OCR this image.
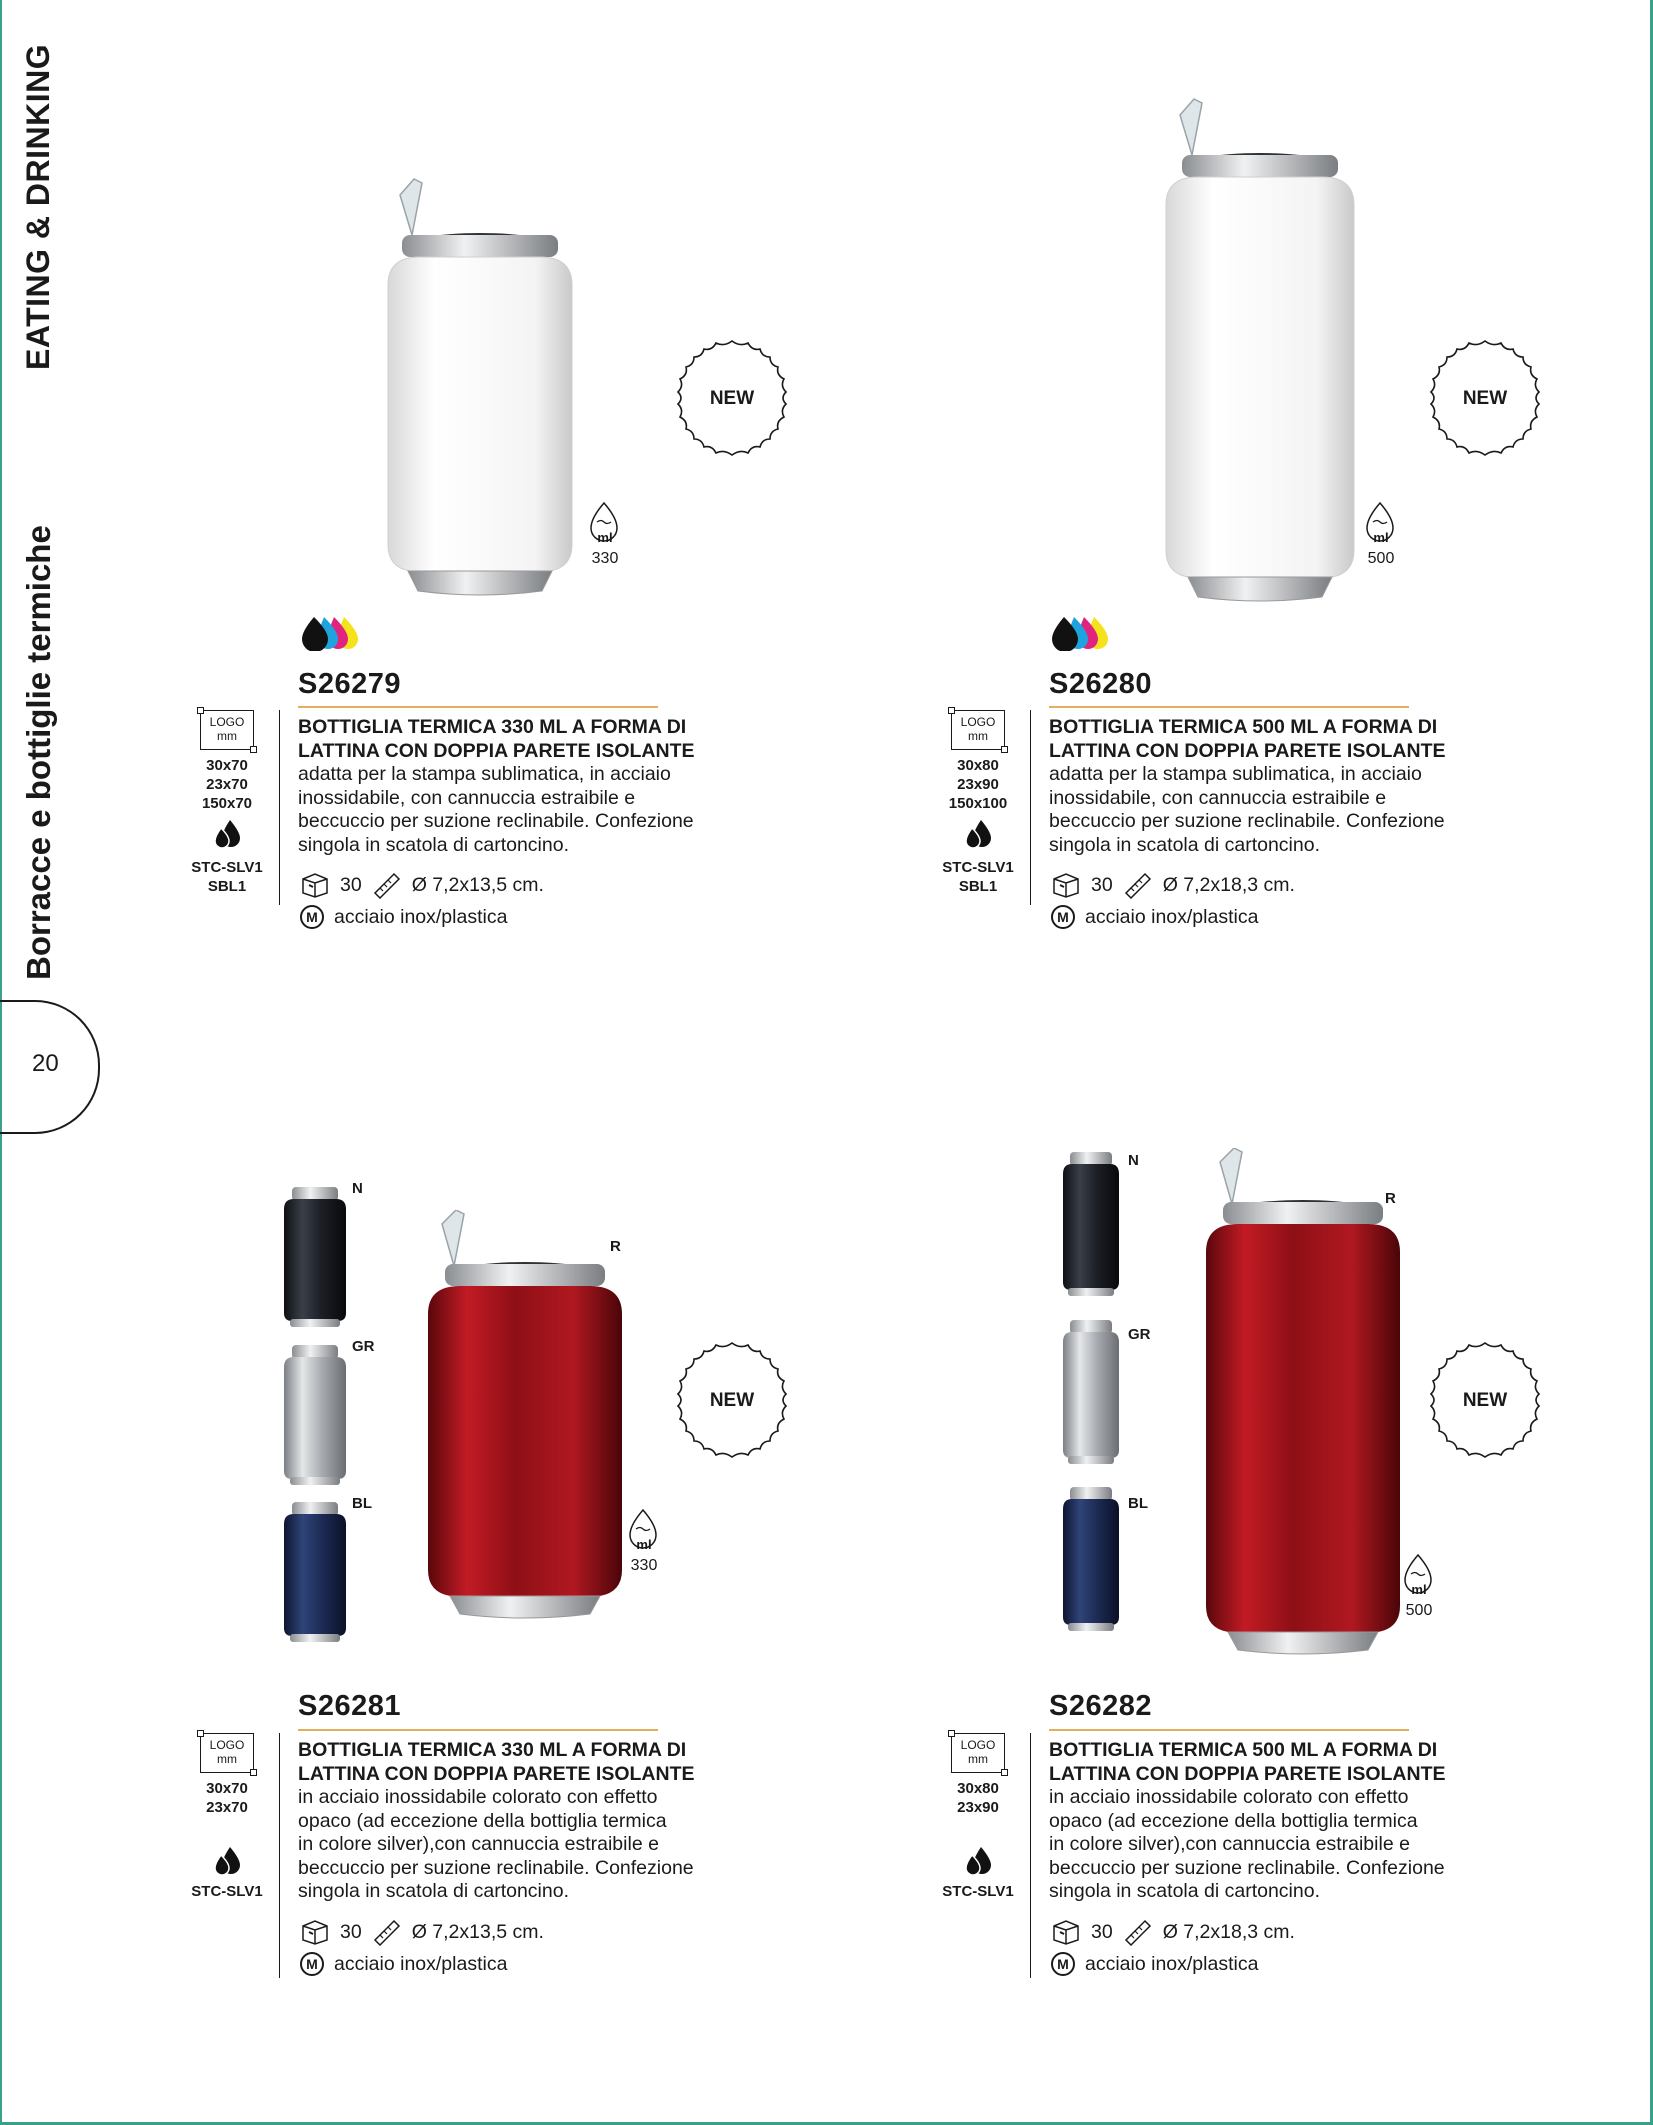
EATING & DRINKING
Borracce e bottiglie termiche
20
NEW
ml
330
S26279
LOGO
mm
30x70
23x70
150x70
STC-SLV1
SBL1
BOTTIGLIA TERMICA 330 ML A FORMA DI
LATTINA CON DOPPIA PARETE ISOLANTE
adatta per la stampa sublimatica, in acciaio
inossidabile, con cannuccia estraibile e
beccuccio per suzione reclinabile. Confezione
singola in scatola di cartoncino.
30	Ø 7,2x13,5 cm.
M acciaio inox/plastica
NEW
ml
500
S26280
LOGO
mm
30x80
23x90
150x100
STC-SLV1
SBL1
BOTTIGLIA TERMICA 500 ML A FORMA DI
LATTINA CON DOPPIA PARETE ISOLANTE
adatta per la stampa sublimatica, in acciaio
inossidabile, con cannuccia estraibile e
beccuccio per suzione reclinabile. Confezione
singola in scatola di cartoncino.
30	Ø 7,2x18,3 cm.
M acciaio inox/plastica
N
GR
BL
R
NEW
ml
330
S26281
LOGO
mm
30x70
23x70
STC-SLV1
BOTTIGLIA TERMICA 330 ML A FORMA DI
LATTINA CON DOPPIA PARETE ISOLANTE
in acciaio inossidabile colorato con effetto
opaco (ad eccezione della bottiglia termica
in colore silver),con cannuccia estraibile e
beccuccio per suzione reclinabile. Confezione
singola in scatola di cartoncino.
30	Ø 7,2x13,5 cm.
M acciaio inox/plastica
N
GR
BL
R
NEW
ml
500
S26282
LOGO
mm
30x80
23x90
STC-SLV1
BOTTIGLIA TERMICA 500 ML A FORMA DI
LATTINA CON DOPPIA PARETE ISOLANTE
in acciaio inossidabile colorato con effetto
opaco (ad eccezione della bottiglia termica
in colore silver),con cannuccia estraibile e
beccuccio per suzione reclinabile. Confezione
singola in scatola di cartoncino.
30	Ø 7,2x18,3 cm.
M acciaio inox/plastica
